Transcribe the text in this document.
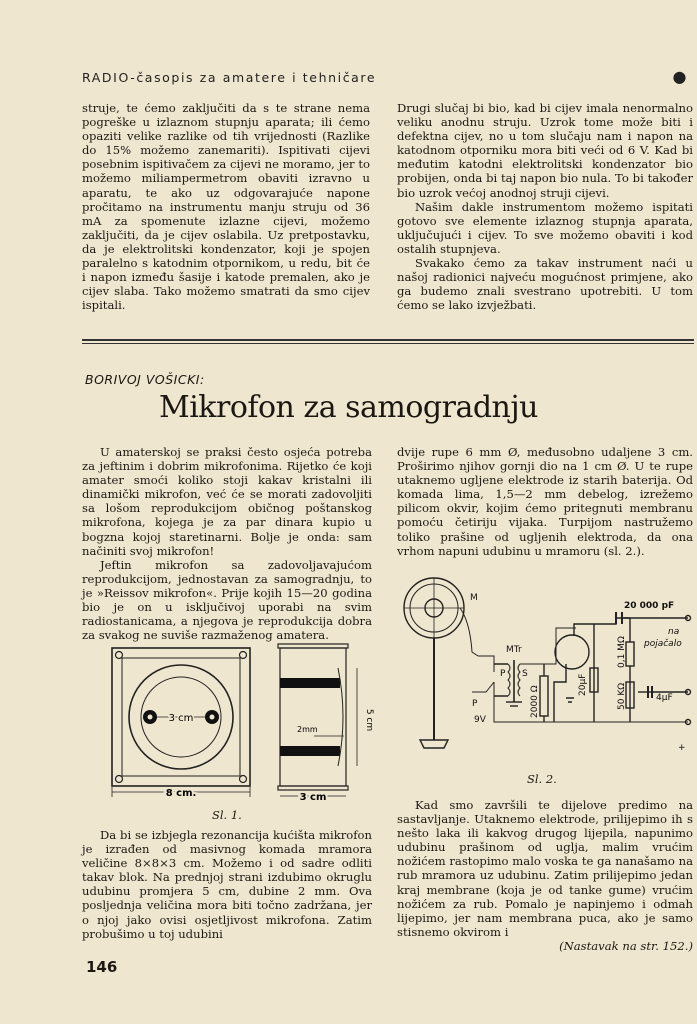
RADIO-časopis za amatere i tehničare	●

struje, te ćemo zaključiti da s te strane nema pogreške u izlaznom stupnju aparata; ili ćemo opaziti velike razlike od tih vrijednosti (Razlike do 15% možemo zanemariti). Ispitivati cijevi posebnim ispitivačem za cijevi ne moramo, jer to možemo miliampermetrom obaviti izravno u aparatu, te ako uz odgovarajuće napone pročitamo na instrumentu manju struju od 36 mA za spomenute izlazne cijevi, možemo zaključiti, da je cijev oslabila. Uz pretpostavku, da je elektrolitski kondenzator, koji je spojen paralelno s katodnim otpornikom, u redu, bit će i napon između šasije i katode premalen, ako je cijev slaba. Tako možemo smatrati da smo cijev ispitali.

Drugi slučaj bi bio, kad bi cijev imala nenormalno veliku anodnu struju. Uzrok tome može biti i defektna cijev, no u tom slučaju nam i napon na katodnom otporniku mora biti veći od 6 V. Kad bi međutim katodni elektrolitski kondenzator bio probijen, onda bi taj napon bio nula. To bi također bio uzrok većoj anodnoj struji cijevi.

Našim dakle instrumentom možemo ispitati gotovo sve elemente izlaznog stupnja aparata, uključujući i cijev. To sve možemo obaviti i kod ostalih stupnjeva.

Svakako ćemo za takav instrument naći u našoj radionici najveću mogućnost primjene, ako ga budemo znali svestrano upotrebiti. U tom ćemo se lako izvježbati.

BORIVOJ VOŠICKI:
Mikrofon za samogradnju

U amaterskoj se praksi često osjeća potreba za jeftinim i dobrim mikrofonima. Rijetko će koji amater smoći koliko stoji kakav kristalni ili dinamički mikrofon, već će se morati zadovoljiti sa lošom reprodukcijom običnog poštanskog mikrofona, kojega je za par dinara kupio u bogzna kojoj staretinarni. Bolje je onda: sam načiniti svoj mikrofon!

Jeftin mikrofon sa zadovoljavajućom reprodukcijom, jednostavan za samogradnju, to je »Reissov mikrofon«. Prije kojih 15—20 godina bio je on u isključivoj uporabi na svim radiostanicama, a njegova je reprodukcija dobra za svakog ne suviše razmaženog amatera.

dvije rupe 6 mm Ø, međusobno udaljene 3 cm. Proširimo njihov gornji dio na 1 cm Ø. U te rupe utaknemo ugljene elektrode iz starih baterija. Od komada lima, 1,5—2 mm debelog, izrežemo pilicom okvir, kojim ćemo pritegnuti membranu pomoću četiriju vijaka. Turpijom nastružemo toliko prašine od ugljenih elektroda, da ona vrhom napuni udubinu u mramoru (sl. 2.).

3 cm
8 cm.
5 cm
2mm
3 cm
Sl. 1.
M
MTr
P S
P
9V
2000 Ω
20μF
0,1 MΩ
50 KΩ	4μF
20 000 pF
na
pojačalo
+
Sl. 2.

Da bi se izbjegla rezonancija kućišta mikrofon je izrađen od masivnog komada mramora veličine 8×8×3 cm. Možemo i od sadre odliti takav blok. Na prednjoj strani izdubimo okruglu udubinu promjera 5 cm, dubine 2 mm. Ova posljednja veličina mora biti točno zadržana, jer o njoj jako ovisi osjetljivost mikrofona. Zatim probušimo u toj udubini

Kad smo završili te dijelove predimo na sastavljanje. Utaknemo elektrode, prilijepimo ih s nešto laka ili kakvog drugog lijepila, napunimo udubinu prašinom od uglja, malim vrućim nožićem rastopimo malo voska te ga nanašamo na rub mramora uz udubinu. Zatim prilijepimo jedan kraj membrane (koja je od tanke gume) vrućim nožićem za rub. Pomalo je napinjemo i odmah lijepimo, jer nam membrana puca, ako je samo stisnemo okvirom i

(Nastavak na str. 152.)

146
